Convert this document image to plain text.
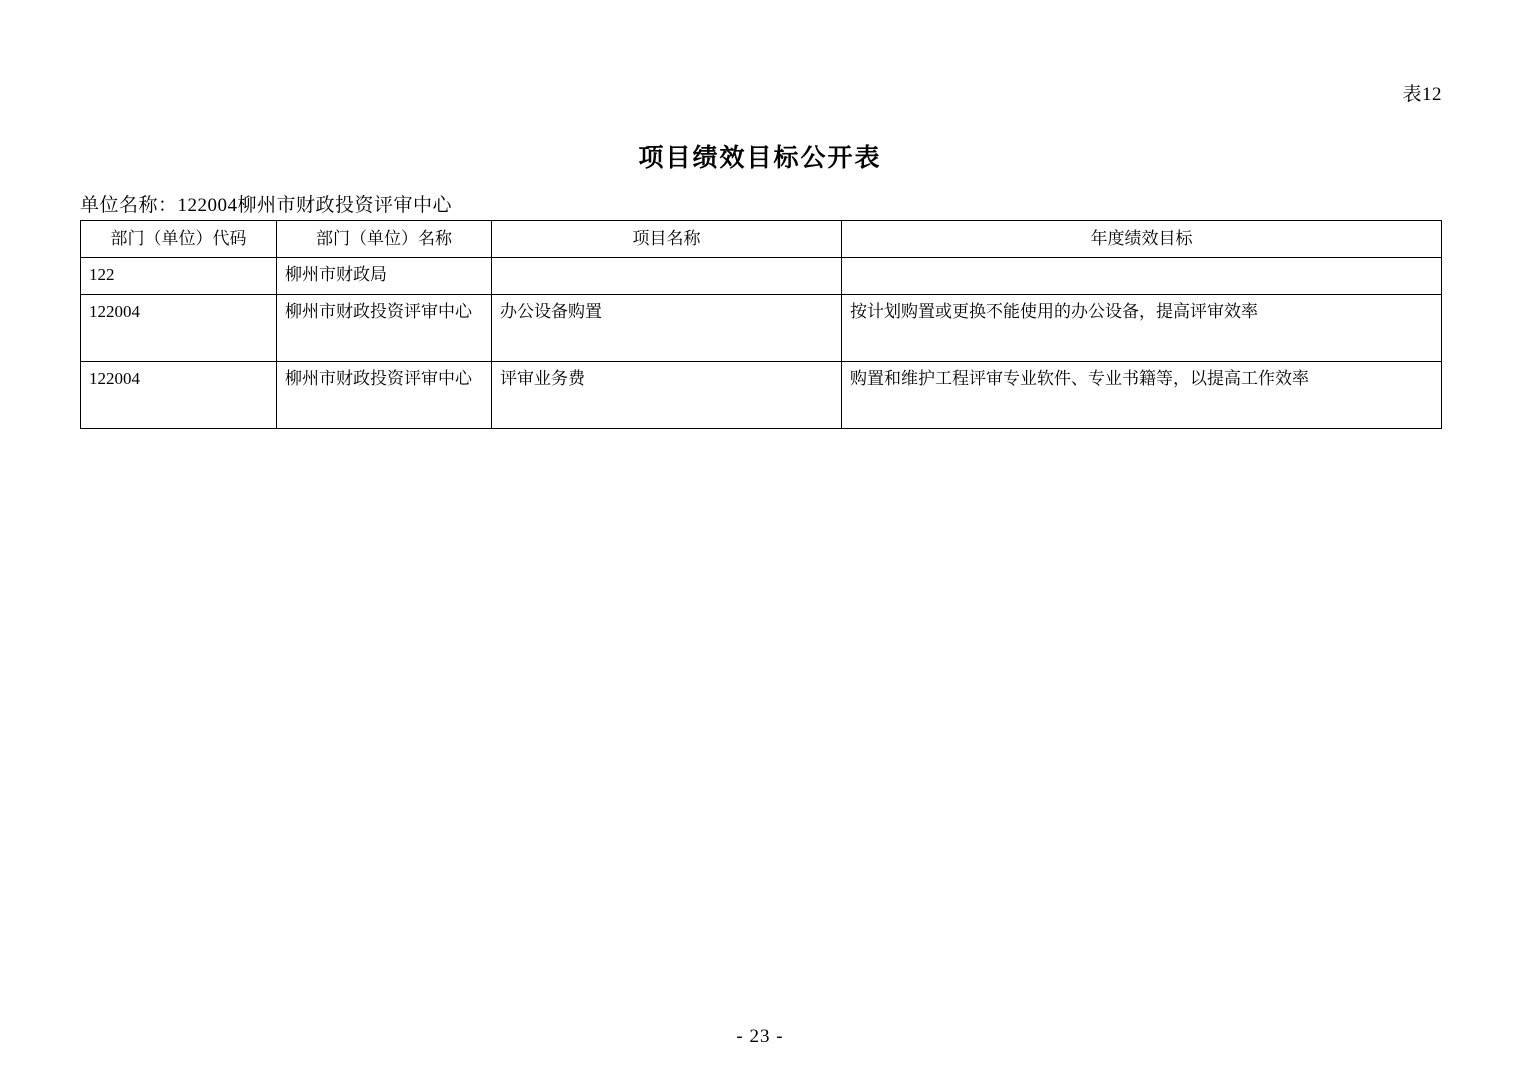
表12
项目绩效目标公开表
单位名称：122004柳州市财政投资评审中心
部门（单位）代码	部门（单位）名称	项目名称	年度绩效目标
122	柳州市财政局		
122004	柳州市财政投资评审中心	办公设备购置	按计划购置或更换不能使用的办公设备，提高评审效率
122004	柳州市财政投资评审中心	评审业务费	购置和维护工程评审专业软件、专业书籍等，以提高工作效率
- 23 -
